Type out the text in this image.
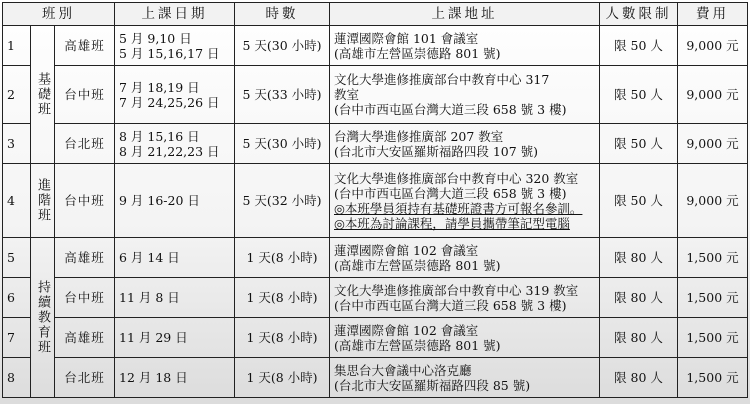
班別			上課日期	時數	上課地址	人數限制	費用
1	基礎班	高雄班	5 月 9,10 日
5 月 15,16,17 日	5 天(30 小時)	蓮潭國際會館 101 會議室
(高雄市左營區崇德路 801 號)	限 50 人	9,000 元
2		台中班	7 月 18,19 日
7 月 24,25,26 日	5 天(33 小時)	文化大學進修推廣部台中教育中心 317
教室
(台中市西屯區台灣大道三段 658 號 3 樓)	限 50 人	9,000 元
3		台北班	8 月 15,16 日
8 月 21,22,23 日	5 天(30 小時)	台灣大學進修推廣部 207 教室
(台北市大安區羅斯福路四段 107 號)	限 50 人	9,000 元
4	進階班	台中班	9 月 16-20 日	5 天(32 小時)	文化大學進修推廣部台中教育中心 320 教室
(台中市西屯區台灣大道三段 658 號 3 樓)
◎本班學員須持有基礎班證書方可報名參訓。
◎本班為討論課程，請學員攜帶筆記型電腦	限 50 人	9,000 元
5	持續教育班	高雄班	6 月 14 日	1 天(8 小時)	蓮潭國際會館 102 會議室
(高雄市左營區崇德路 801 號)	限 80 人	1,500 元
6		台中班	11 月 8 日	1 天(8 小時)	文化大學進修推廣部台中教育中心 319 教室
(台中市西屯區台灣大道三段 658 號 3 樓)	限 80 人	1,500 元
7		高雄班	11 月 29 日	1 天(8 小時)	蓮潭國際會館 102 會議室
(高雄市左營區崇德路 801 號)	限 80 人	1,500 元
8		台北班	12 月 18 日	1 天(8 小時)	集思台大會議中心洛克廳
(台北市大安區羅斯福路四段 85 號)	限 80 人	1,500 元
